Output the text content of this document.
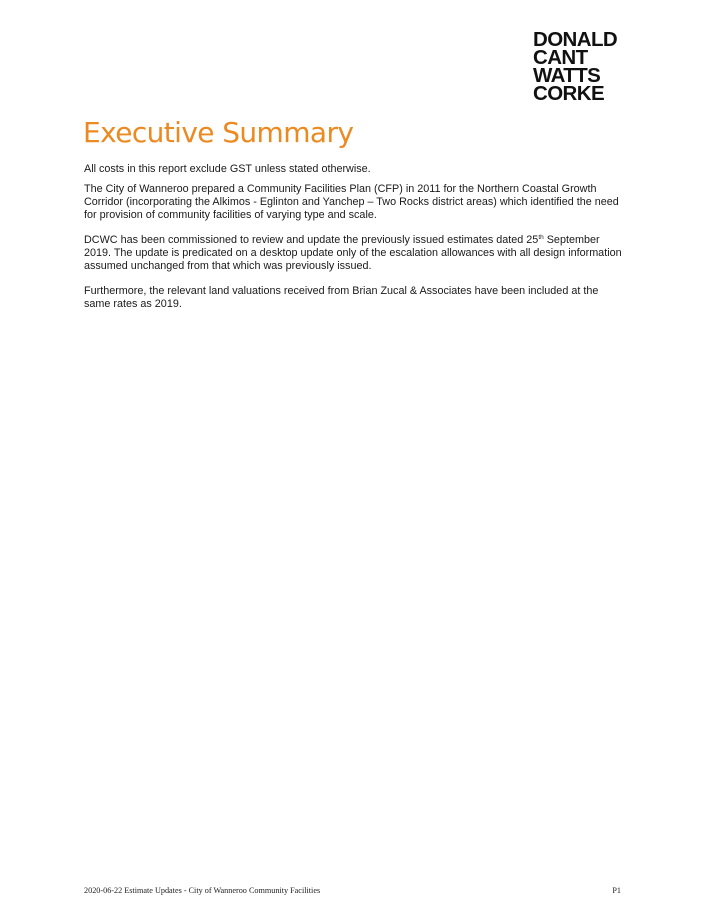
DONALD
CANT
WATTS
CORKE
Executive Summary

All costs in this report exclude GST unless stated otherwise.

The City of Wanneroo prepared a Community Facilities Plan (CFP) in 2011 for the Northern Coastal Growth Corridor (incorporating the Alkimos - Eglinton and Yanchep – Two Rocks district areas) which identified the need for provision of community facilities of varying type and scale.

DCWC has been commissioned to review and update the previously issued estimates dated 25th September 2019. The update is predicated on a desktop update only of the escalation allowances with all design information assumed unchanged from that which was previously issued.

Furthermore, the relevant land valuations received from Brian Zucal & Associates have been included at the same rates as 2019.

2020-06-22 Estimate Updates - City of Wanneroo Community Facilities	P1
